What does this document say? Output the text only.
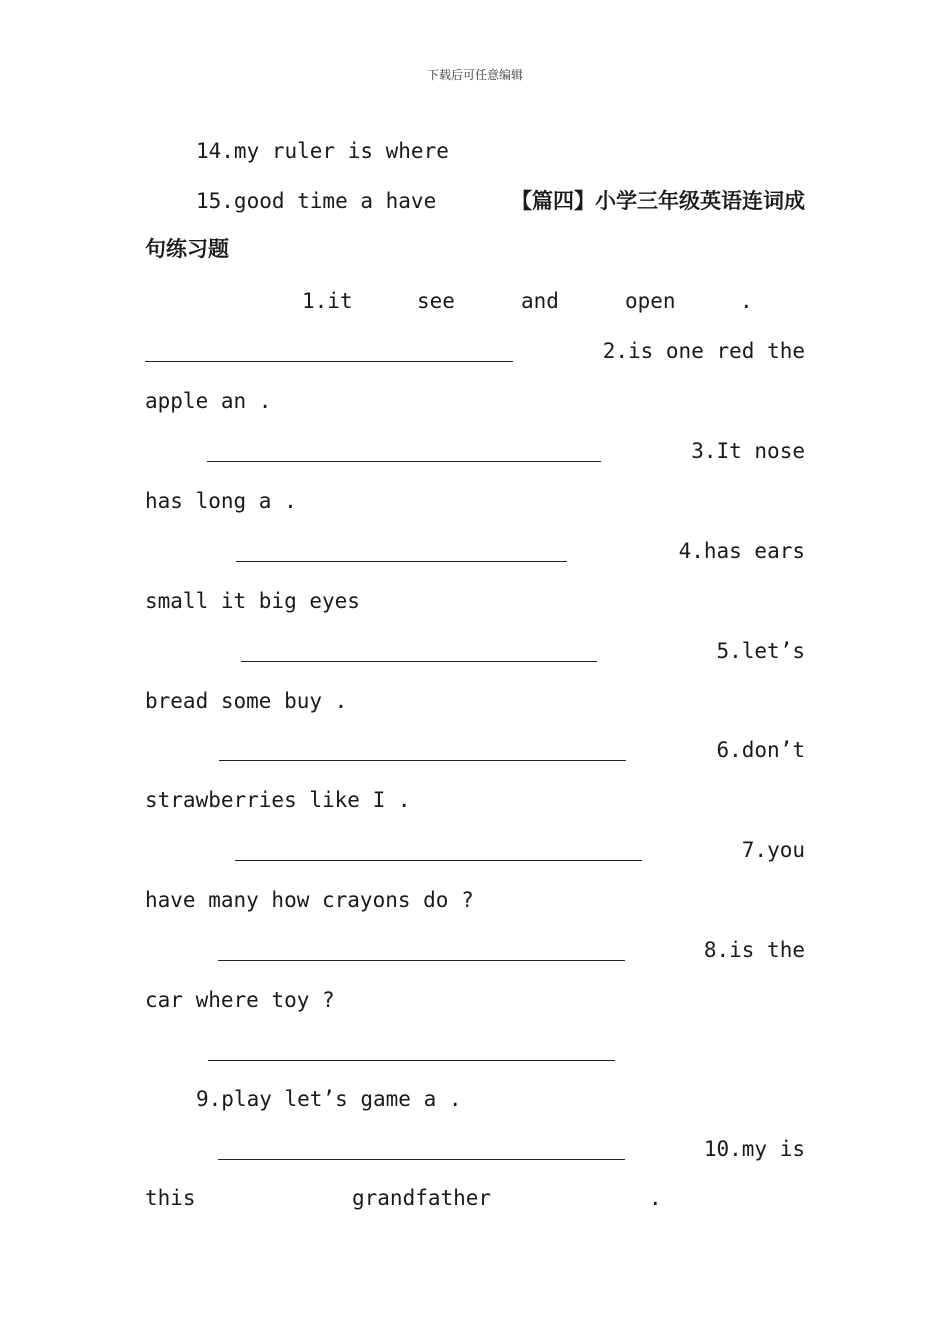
下载后可任意编辑
14.my ruler is where
15.good time a have	【篇四】小学三年级英语连词成
句练习题
1.it	see	and	open	.
2.is one red the
apple an .
3.It nose
has long a .
4.has ears
small it big eyes
5.let’s
bread some buy .
6.don’t
strawberries like I .
7.you
have many how crayons do ?
8.is the
car where toy ?
9.play let’s game a .
10.my is
this	grandfather	.
